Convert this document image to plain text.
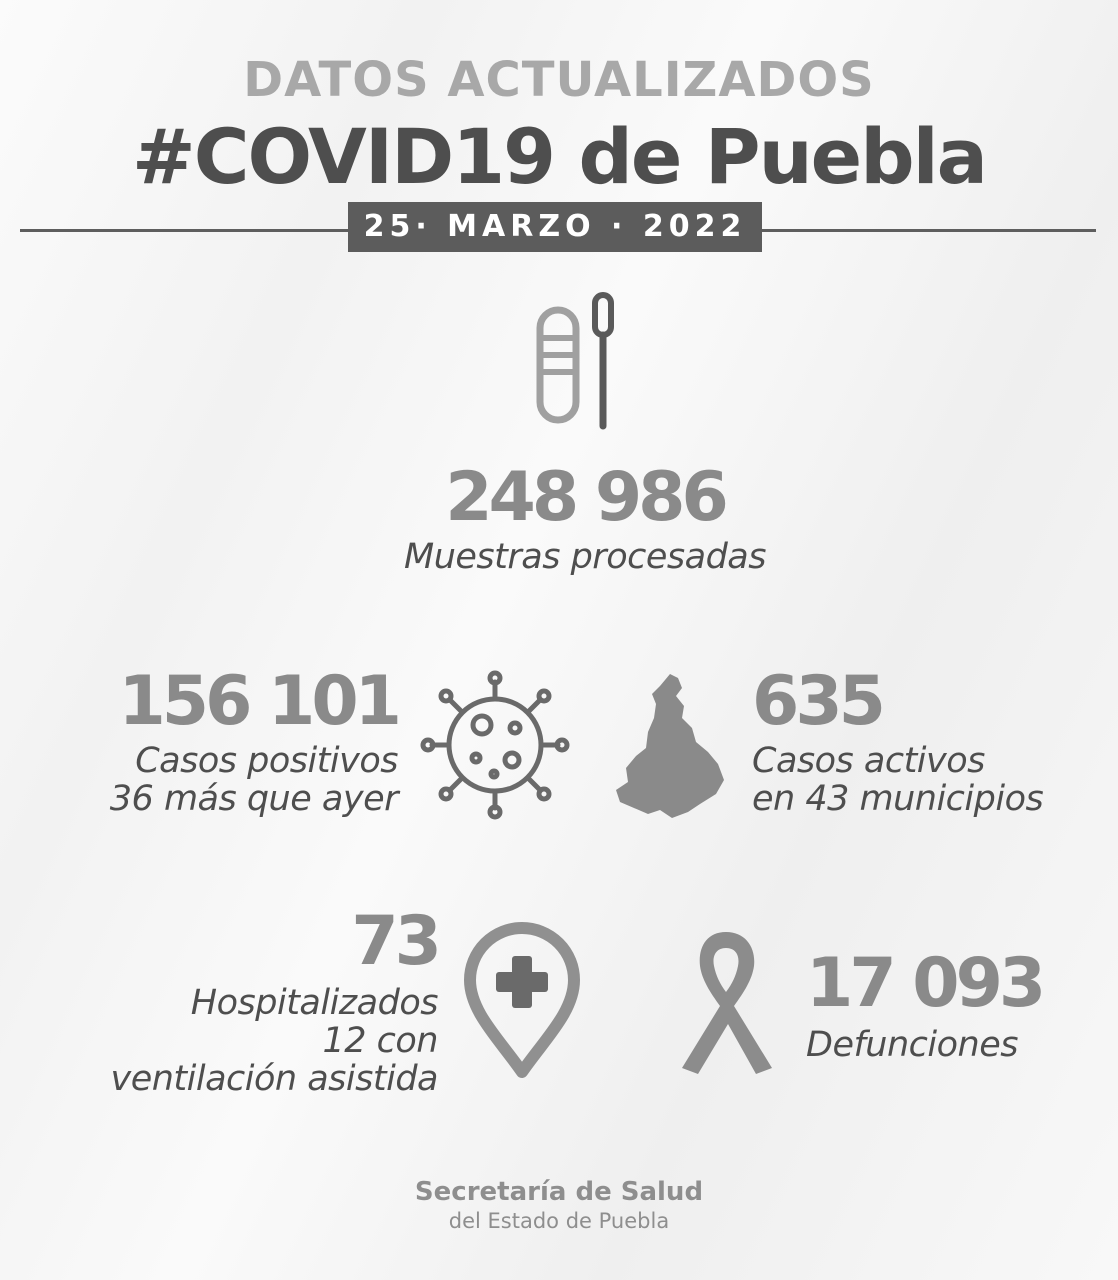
DATOS ACTUALIZADOS
#COVID19 de Puebla
25· MARZO · 2022
248 986
Muestras procesadas
156 101
Casos positivos
36 más que ayer
635
Casos activos
en 43 municipios
73
Hospitalizados
12 con
ventilación asistida
17 093
Defunciones
Secretaría de Salud
del Estado de Puebla
